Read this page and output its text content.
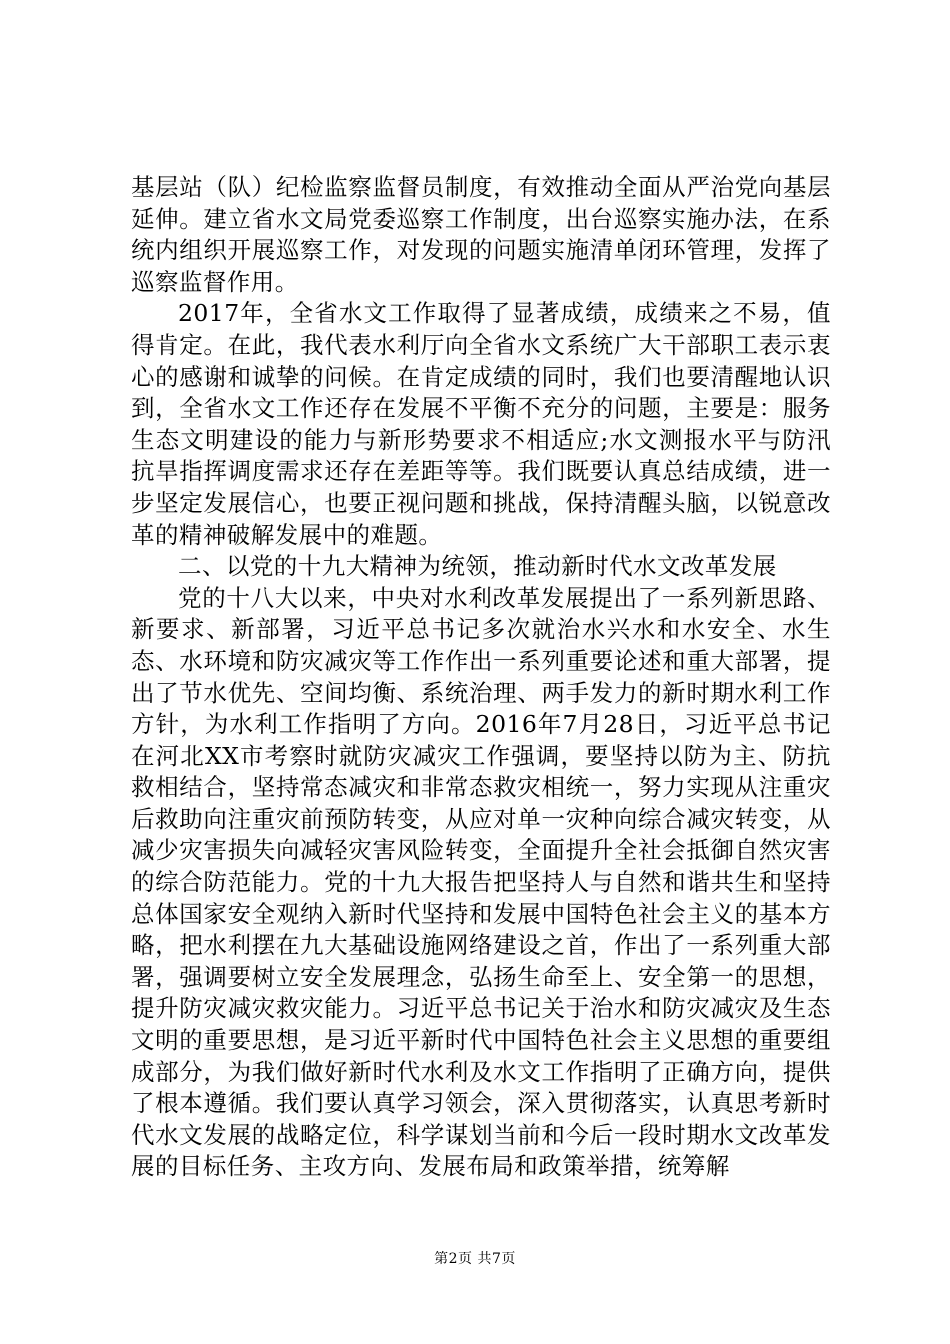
基层站（队）纪检监察监督员制度，有效推动全面从严治党向基层延伸。建立省水文局党委巡察工作制度，出台巡察实施办法，在系统内组织开展巡察工作，对发现的问题实施清单闭环管理，发挥了巡察监督作用。

2017年，全省水文工作取得了显著成绩，成绩来之不易，值得肯定。在此，我代表水利厅向全省水文系统广大干部职工表示衷心的感谢和诚挚的问候。在肯定成绩的同时，我们也要清醒地认识到，全省水文工作还存在发展不平衡不充分的问题，主要是：服务生态文明建设的能力与新形势要求不相适应;水文测报水平与防汛抗旱指挥调度需求还存在差距等等。我们既要认真总结成绩，进一步坚定发展信心，也要正视问题和挑战，保持清醒头脑，以锐意改革的精神破解发展中的难题。

二、以党的十九大精神为统领，推动新时代水文改革发展

党的十八大以来，中央对水利改革发展提出了一系列新思路、新要求、新部署，习近平总书记多次就治水兴水和水安全、水生态、水环境和防灾减灾等工作作出一系列重要论述和重大部署，提出了节水优先、空间均衡、系统治理、两手发力的新时期水利工作方针，为水利工作指明了方向。2016年7月28日，习近平总书记在河北XX市考察时就防灾减灾工作强调，要坚持以防为主、防抗救相结合，坚持常态减灾和非常态救灾相统一，努力实现从注重灾后救助向注重灾前预防转变，从应对单一灾种向综合减灾转变，从减少灾害损失向减轻灾害风险转变，全面提升全社会抵御自然灾害的综合防范能力。党的十九大报告把坚持人与自然和谐共生和坚持总体国家安全观纳入新时代坚持和发展中国特色社会主义的基本方略，把水利摆在九大基础设施网络建设之首，作出了一系列重大部署，强调要树立安全发展理念，弘扬生命至上、安全第一的思想，提升防灾减灾救灾能力。习近平总书记关于治水和防灾减灾及生态文明的重要思想，是习近平新时代中国特色社会主义思想的重要组成部分，为我们做好新时代水利及水文工作指明了正确方向，提供了根本遵循。我们要认真学习领会，深入贯彻落实，认真思考新时代水文发展的战略定位，科学谋划当前和今后一段时期水文改革发展的目标任务、主攻方向、发展布局和政策举措，统筹解

第2页 共7页
